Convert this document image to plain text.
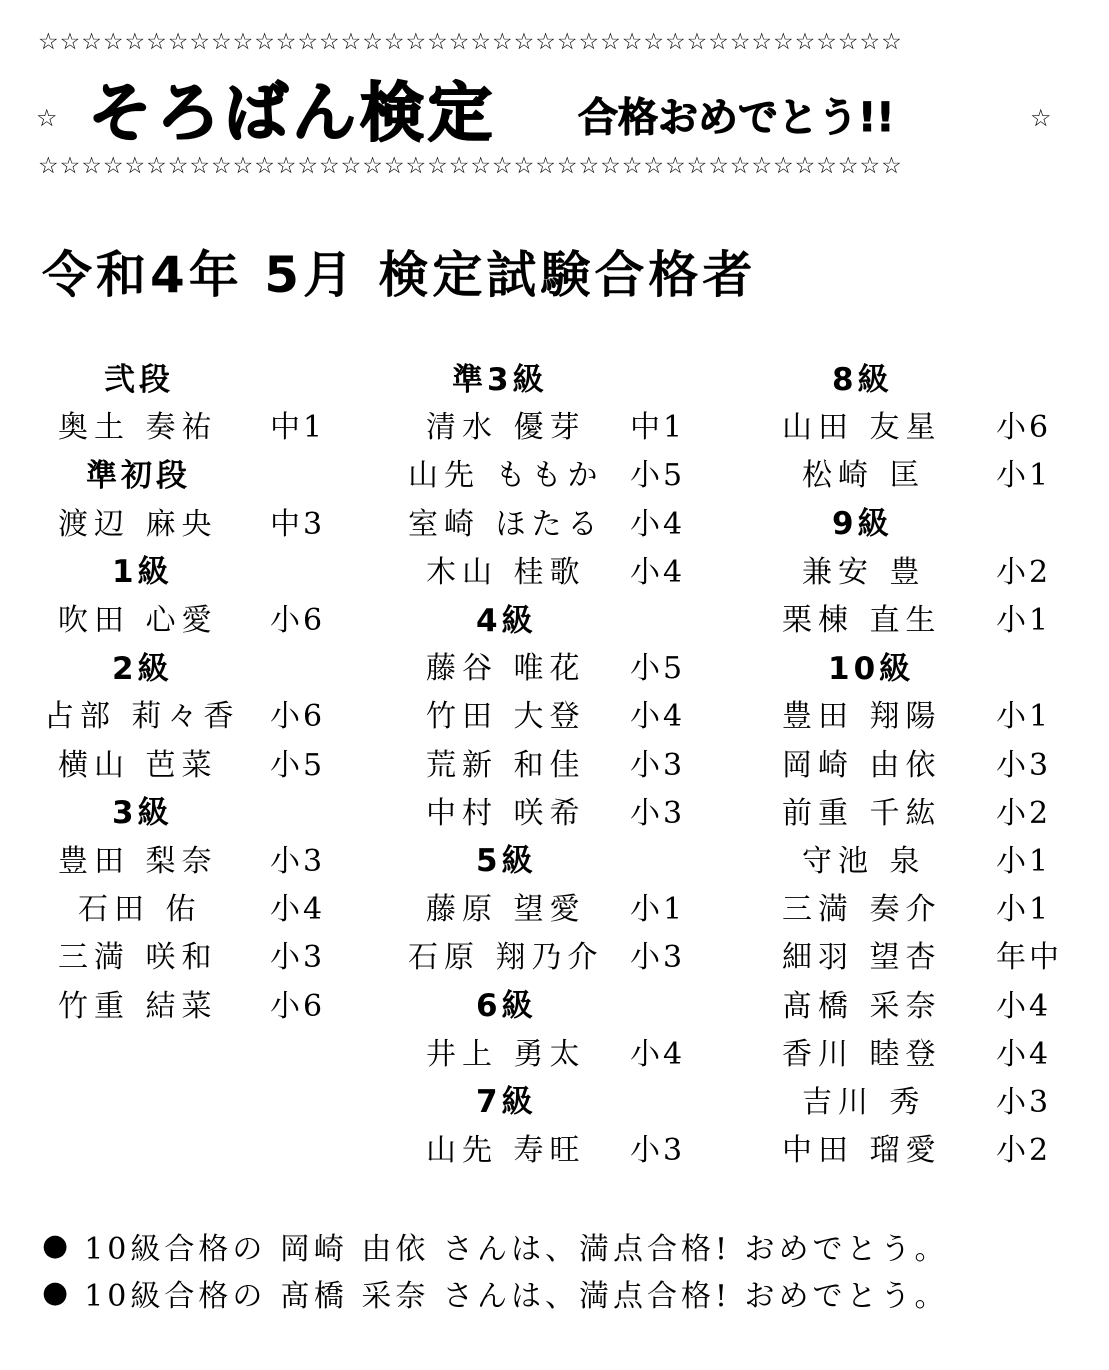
☆☆☆☆☆☆☆☆☆☆☆☆☆☆☆☆☆☆☆☆☆☆☆☆☆☆☆☆☆☆☆☆☆☆☆☆☆☆☆☆
☆ そろばん検定 合格おめでとう!!	☆
☆☆☆☆☆☆☆☆☆☆☆☆☆☆☆☆☆☆☆☆☆☆☆☆☆☆☆☆☆☆☆☆☆☆☆☆☆☆☆☆
令和4年 5月 検定試験合格者
弐段
奥土 奏祐	中1
準初段
渡辺 麻央	中3
1級
吹田 心愛	小6
2級
占部 莉々香	小6
横山 芭菜	小5
3級
豊田 梨奈	小3
石田 佑	小4
三満 咲和	小3
竹重 結菜	小6
準3級
清水 優芽	中1
山先 ももか 小5
室崎 ほたる 小4
木山 桂歌	小4
4級
藤谷 唯花	小5
竹田 大登	小4
荒新 和佳	小3
中村 咲希	小3
5級
藤原 望愛	小1
石原 翔乃介 小3
6級
井上 勇太	小4
7級
山先 寿旺	小3
8級
山田 友星	小6
松崎 匡	小1
9級
兼安 豊	小2
栗棟 直生	小1
10級
豊田 翔陽	小1
岡崎 由依	小3
前重 千紘	小2
守池 泉	小1
三満 奏介	小1
細羽 望杏	年中
髙橋 采奈	小4
香川 睦登	小4
吉川 秀	小3
中田 瑠愛	小2
● 10級合格の 岡崎 由依 さんは、満点合格! おめでとう。
● 10級合格の 髙橋 采奈 さんは、満点合格! おめでとう。
